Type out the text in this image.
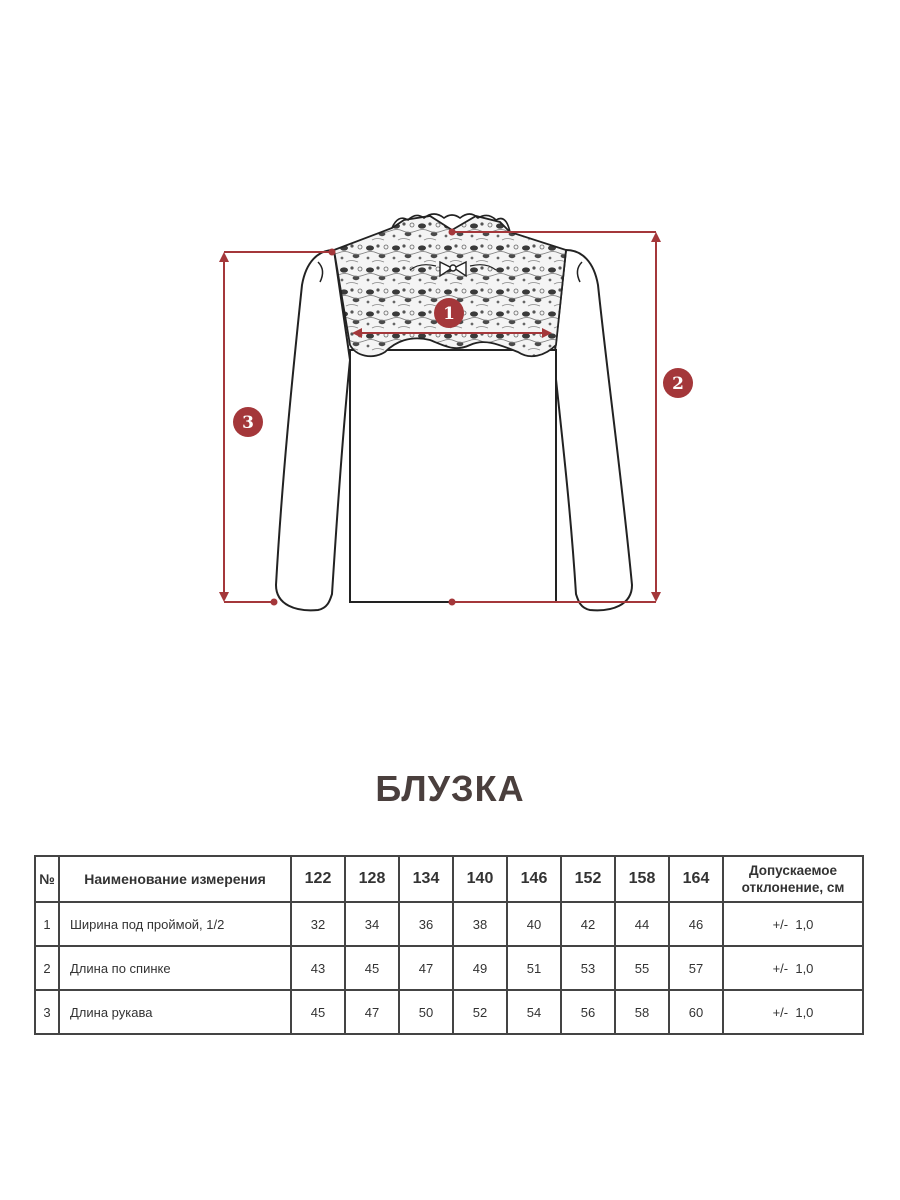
1
2
3
БЛУЗКА
№	Наименование измерения	122	128	134	140	146	152	158	164	Допускаемое
отклонение, см
1	Ширина под проймой, 1/2	32	34	36	38	40	42	44	46	+/-  1,0
2	Длина по спинке	43	45	47	49	51	53	55	57	+/-  1,0
3	Длина рукава	45	47	50	52	54	56	58	60	+/-  1,0
